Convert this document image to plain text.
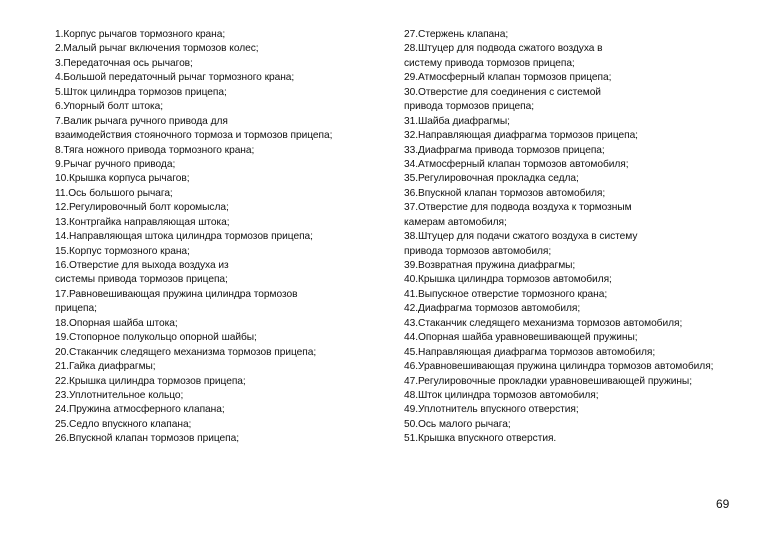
1.Корпус рычагов тормозного крана;
2.Малый рычаг включения тормозов колес;
3.Передаточная ось рычагов;
4.Большой передаточный рычаг тормозного крана;
5.Шток цилиндра тормозов прицепа;
6.Упорный болт штока;
7.Валик рычага ручного привода для
взаимодействия стояночного тормоза и тормозов прицепа;
8.Тяга ножного привода тормозного крана;
9.Рычаг ручного привода;
10.Крышка корпуса рычагов;
11.Ось большого рычага;
12.Регулировочный болт коромысла;
13.Контргайка направляющая штока;
14.Направляющая штока цилиндра тормозов прицепа;
15.Корпус тормозного крана;
16.Отверстие для выхода воздуха из
системы привода тормозов прицепа;
17.Равновешивающая пружина цилиндра тормозов
прицепа;
18.Опорная шайба штока;
19.Стопорное полукольцо опорной шайбы;
20.Стаканчик следящего механизма тормозов прицепа;
21.Гайка диафрагмы;
22.Крышка цилиндра тормозов прицепа;
23.Уплотнительное кольцо;
24.Пружина атмосферного клапана;
25.Седло впускного клапана;
26.Впускной клапан тормозов прицепа;
27.Стержень клапана;
28.Штуцер для подвода сжатого воздуха в
систему привода тормозов прицепа;
29.Атмосферный клапан тормозов прицепа;
30.Отверстие для соединения с системой
привода тормозов прицепа;
31.Шайба диафрагмы;
32.Направляющая диафрагма тормозов прицепа;
33.Диафрагма привода тормозов прицепа;
34.Атмосферный клапан тормозов автомобиля;
35.Регулировочная прокладка седла;
36.Впускной клапан тормозов автомобиля;
37.Отверстие для подвода воздуха к тормозным
камерам автомобиля;
38.Штуцер для подачи сжатого воздуха в систему
привода тормозов автомобиля;
39.Возвратная пружина диафрагмы;
40.Крышка цилиндра тормозов автомобиля;
41.Выпускное отверстие тормозного крана;
42.Диафрагма тормозов автомобиля;
43.Стаканчик следящего механизма тормозов автомобиля;
44.Опорная шайба уравновешивающей пружины;
45.Направляющая диафрагма тормозов автомобиля;
46.Уравновешивающая пружина цилиндра тормозов автомобиля;
47.Регулировочные прокладки уравновешивающей пружины;
48.Шток цилиндра тормозов автомобиля;
49.Уплотнитель впускного отверстия;
50.Ось малого рычага;
51.Крышка впускного отверстия.
69
